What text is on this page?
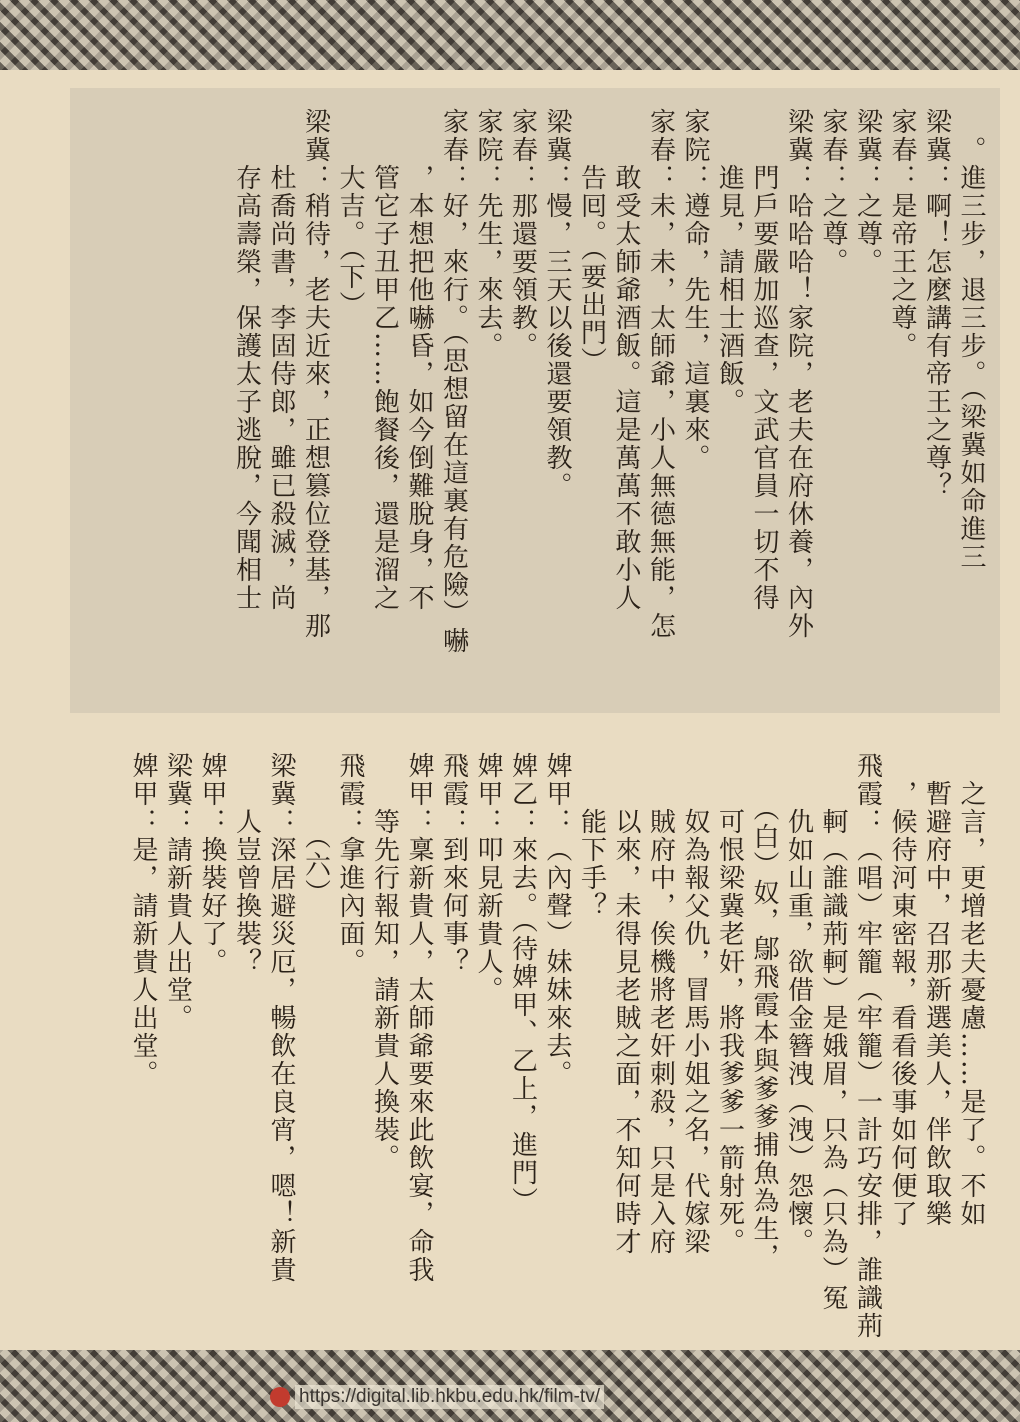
　。進三步，退三步。（梁冀如命進三
梁冀：啊！怎麼講有帝王之尊？
家春：是帝王之尊。
梁冀：之尊。
家春：之尊。
梁冀：哈哈哈！家院，老夫在府休養，內外
　　門戶要嚴加巡查，文武官員一切不得
　　進見，請相士酒飯。
家院：遵命，先生，這裏來。
家春：未，未，太師爺，小人無德無能，怎
　　敢受太師爺酒飯。這是萬萬不敢小人
　　告囘。（要出門）
梁冀：慢，三天以後還要領教。
家春：那還要領教。
家院：先生，來去。
家春：好，來行。（思想留在這裏有危險）嚇
　　，本想把他嚇昏，如今倒難脫身，不
　　管它子丑甲乙……飽餐後，還是溜之
　　大吉。（下）
梁冀：稍待，老夫近來，正想篡位登基，那
　　杜喬尚書，李固侍郎，雖已殺滅，尚
　　存高壽榮，保護太子逃脫，今聞相士
　之言，更增老夫憂慮……是了。不如
　暫避府中，召那新選美人，伴飲取樂
　，候待河東密報，看看後事如何便了
飛霞：（唱）牢籠（牢籠）一計巧安排，誰識荊
　　軻（誰識荊軻）是娥眉，只為（只為）冤
　　仇如山重，欲借金簪洩（洩）怨懷。
　　（白）奴，鄔飛霞本與爹爹捕魚為生，
　　可恨梁冀老奸，將我爹爹一箭射死。
　　奴為報父仇，冒馬小姐之名，代嫁梁
　　賊府中，俟機將老奸刺殺，只是入府
　　以來，未得見老賊之面，不知何時才
　　能下手？
婢甲：（內聲）妹妹來去。
婢乙：來去。（待婢甲、乙上，進門）
婢甲：叩見新貴人。
飛霞：到來何事？
婢甲：稟新貴人，太師爺要來此飲宴，命我
　　等先行報知，請新貴人換裝。
飛霞：拿進內面。
　　　（六）
梁冀：深居避災厄，暢飲在良宵，嗯！新貴
　　人豈曾換裝？
婢甲：換裝好了。
梁冀：請新貴人出堂。
婢甲：是，請新貴人出堂。
https://digital.lib.hkbu.edu.hk/film-tv/
